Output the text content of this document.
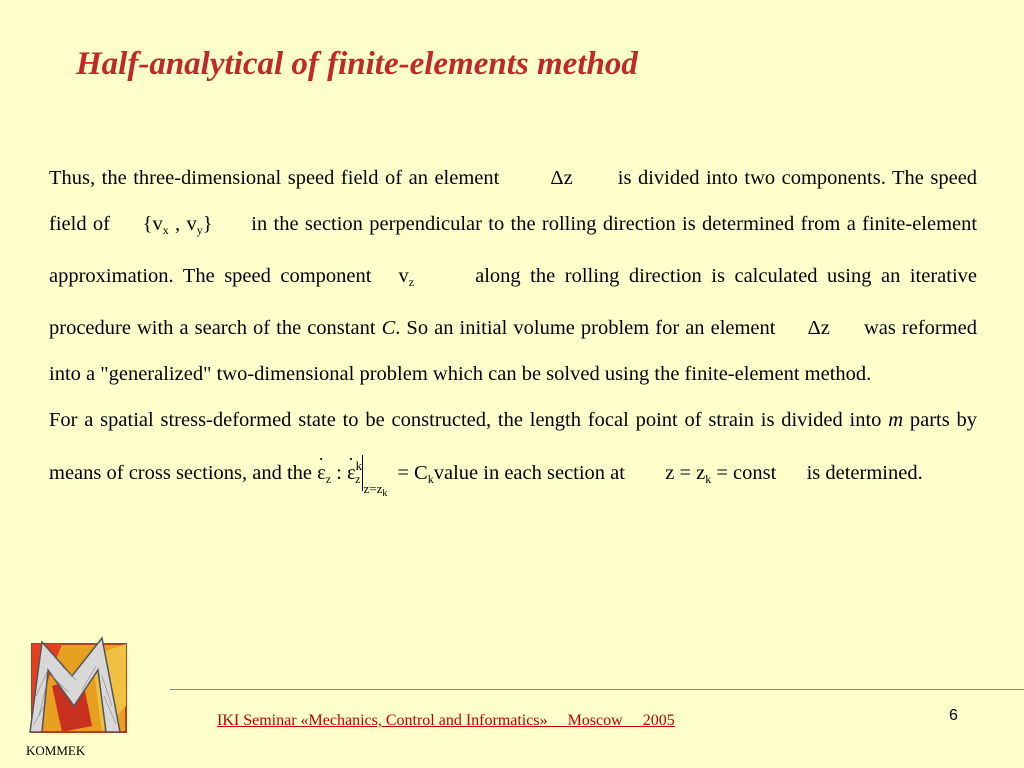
Half-analytical of finite-elements method
Thus, the three-dimensional speed field of an element Δz is divided into two components. The speed field of {$v_x$ , $v_y$} in the section perpendicular to the rolling direction is determined from a finite-element approximation. The speed component $v_z$	along the rolling direction is calculated using an iterative procedure with a search of the constant C. So an initial volume problem for an element Δz was reformed into a "generalized" two-dimensional problem which can be solved using the finite-element method.
For a spatial stress-deformed state to be constructed, the length focal point of strain is divided into m parts by means of cross sections, and the · $\varepsilon_z$ : · $\varepsilon^k_{zz=zk}=$ $C_kvalue$ in each section at $z = z_k$ = const is determined.
KOMMEK
IKI Seminar «Mechanics, Control and Informatics»     Moscow     2005	6
